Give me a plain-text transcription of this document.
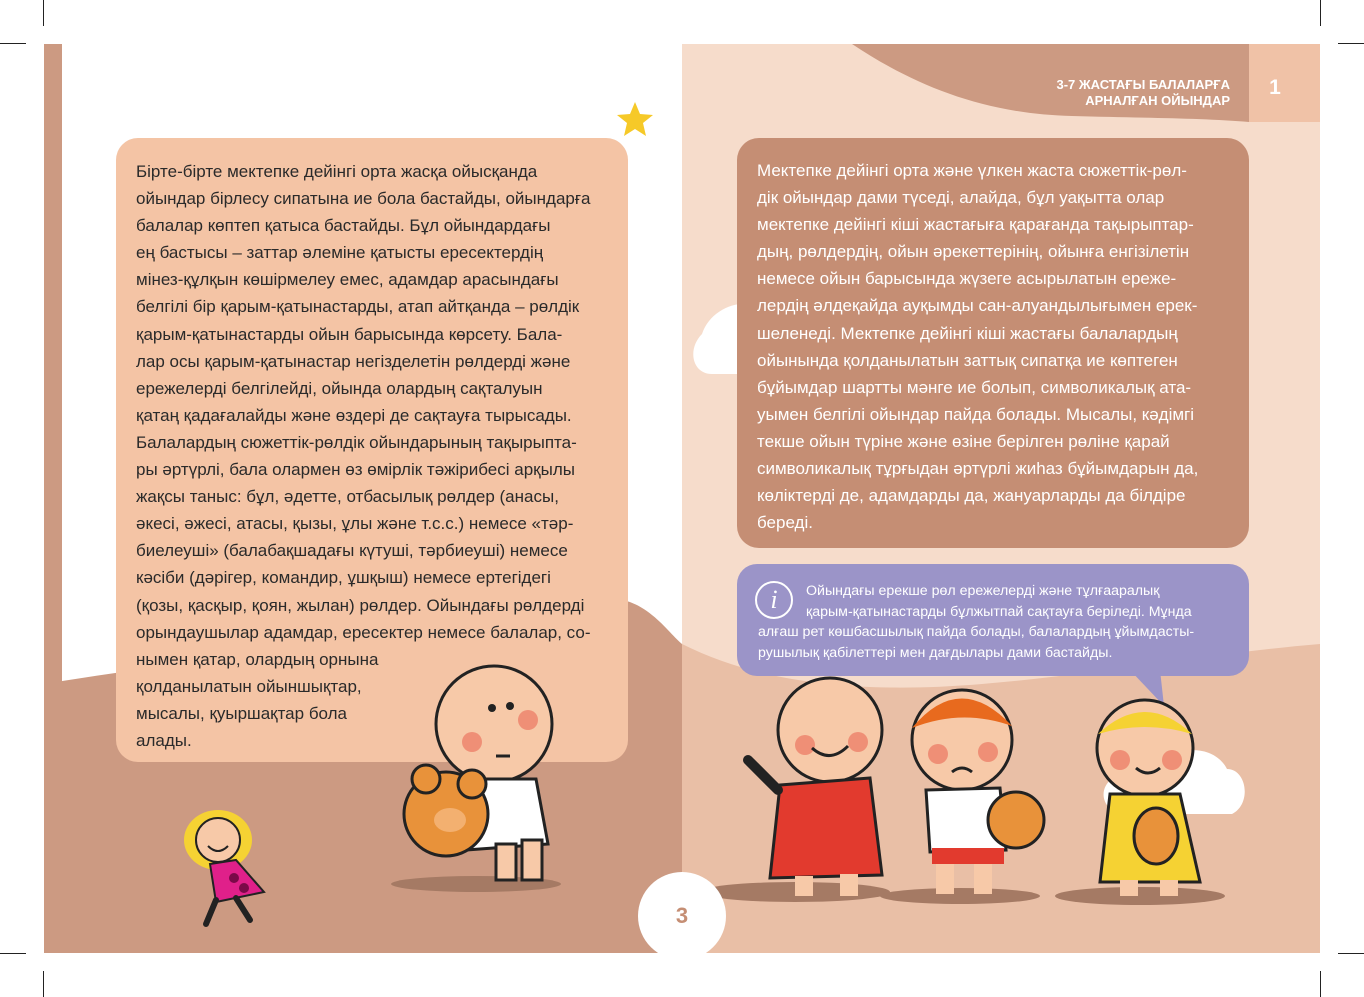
3-7 ЖАСТАҒЫ БАЛАЛАРҒА
АРНАЛҒАН ОЙЫНДАР
1

Бірте-бірте мектепке дейінгі орта жасқа ойысқанда

ойындар бірлесу сипатына ие бола бастайды, ойындарға

балалар көптеп қатыса бастайды. Бұл ойындардағы

ең бастысы – заттар әлеміне қатысты ересектердің

мінез-құлқын көшірмелеу емес, адамдар арасындағы

белгілі бір қарым-қатынастарды, атап айтқанда – рөлдік

қарым-қатынастарды ойын барысында көрсету. Бала-

лар осы қарым-қатынастар негізделетін рөлдерді және

ережелерді белгілейді, ойында олардың сақталуын

қатаң қадағалайды және өздері де сақтауға тырысады.

Балалардың сюжеттік-рөлдік ойындарының тақырыпта-

ры әртүрлі, бала олармен өз өмірлік тәжірибесі арқылы

жақсы таныс: бұл, әдетте, отбасылық рөлдер (анасы,

әкесі, әжесі, атасы, қызы, ұлы және т.с.с.) немесе «тәр-

биелеуші» (балабақшадағы күтуші, тәрбиеуші) немесе

кәсіби (дәрігер, командир, ұшқыш) немесе ертегідегі

(қозы, қасқыр, қоян, жылан) рөлдер. Ойындағы рөлдерді

орындаушылар адамдар, ересектер немесе балалар, со-

нымен қатар, олардың орнына

қолданылатын ойыншықтар,

мысалы, қуыршақтар бола

алады.

Мектепке дейінгі орта және үлкен жаста сюжеттік-рөл-

дік ойындар дами түседі, алайда, бұл уақытта олар

мектепке дейінгі кіші жастағыға қарағанда тақырыптар-

дың, рөлдердің, ойын әрекеттерінің, ойынға енгізілетін

немесе ойын барысында жүзеге асырылатын ереже-

лердің әлдеқайда ауқымды сан-алуандылығымен ерек-

шеленеді. Мектепке дейінгі кіші жастағы балалардың

ойынында қолданылатын заттық сипатқа ие көптеген

бұйымдар шартты мәнге ие болып, символикалық ата-

уымен белгілі ойындар пайда болады. Мысалы, кәдімгі

текше ойын түріне және өзіне берілген рөліне қарай

символикалық тұрғыдан әртүрлі жиһаз бұйымдарын да,

көліктерді де, адамдарды да, жануарларды да білдіре

береді.

i	Ойындағы ерекше рөл ережелерді және тұлғааралық

қарым-қатынастарды бұлжытпай сақтауға беріледі. Мұнда

алғаш рет көшбасшылық пайда болады, балалардың ұйымдасты-

рушылық қабілеттері мен дағдылары дами бастайды.

3
